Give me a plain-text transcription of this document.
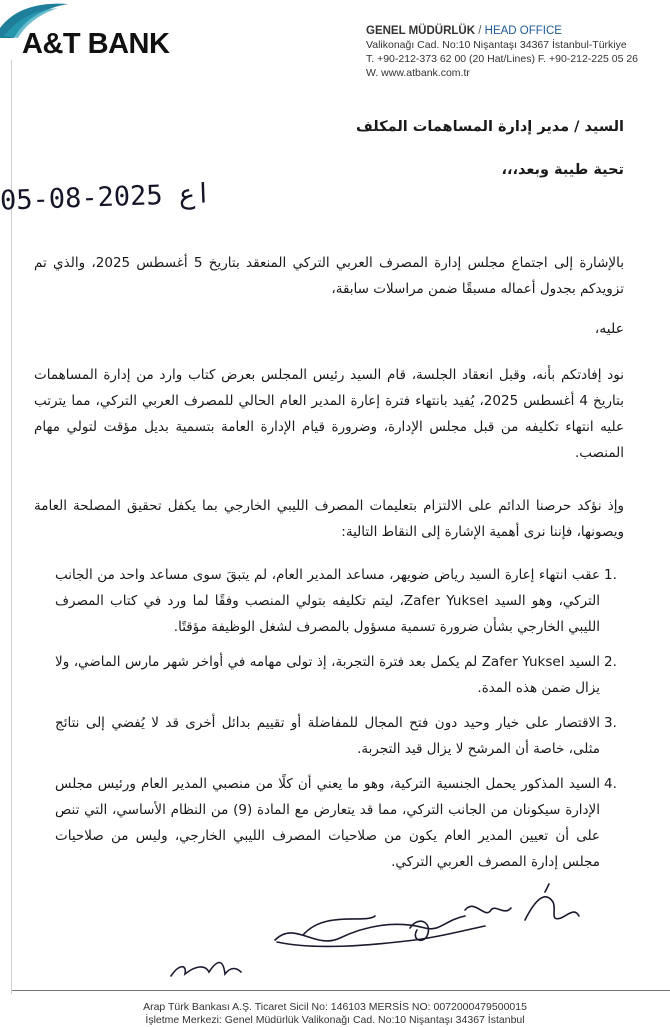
A&T BANK	GENEL MÜDÜRLÜK / HEAD OFFICE
Valikonağı Cad. No:10 Nişantaşı 34367 İstanbul-Türkiye
T. +90-212-373 62 00 (20 Hat/Lines) F. +90-212-225 05 26
W. www.atbank.com.tr
السيد / مدير إدارة المساهمات المكلف
تحية طيبة وبعد،،،
اع 2025-08-05
بالإشارة إلى اجتماع مجلس إدارة المصرف العربي التركي المنعقد بتاريخ 5 أغسطس 2025، والذي تم تزويدكم بجدول أعماله مسبقًا ضمن مراسلات سابقة،
عليه،
نود إفادتكم بأنه، وقبل انعقاد الجلسة، قام السيد رئيس المجلس بعرض كتاب وارد من إدارة المساهمات بتاريخ 4 أغسطس 2025، يُفيد بانتهاء فترة إعارة المدير العام الحالي للمصرف العربي التركي، مما يترتب عليه انتهاء تكليفه من قبل مجلس الإدارة، وضرورة قيام الإدارة العامة بتسمية بديل مؤقت لتولي مهام المنصب.
وإذ نؤكد حرصنا الدائم على الالتزام بتعليمات المصرف الليبي الخارجي بما يكفل تحقيق المصلحة العامة ويصونها، فإننا نرى أهمية الإشارة إلى النقاط التالية:
1.
عقب انتهاء إعارة السيد رياض ضويهر، مساعد المدير العام، لم يتبقَ سوى مساعد واحد من الجانب التركي، وهو السيد Zafer Yuksel، ليتم تكليفه بتولي المنصب وفقًا لما ورد في كتاب المصرف الليبي الخارجي بشأن ضرورة تسمية مسؤول بالمصرف لشغل الوظيفة مؤقتًا.
2.
السيد Zafer Yuksel لم يكمل بعد فترة التجربة، إذ تولى مهامه في أواخر شهر مارس الماضي، ولا يزال ضمن هذه المدة.
3.
الاقتصار على خيار وحيد دون فتح المجال للمفاضلة أو تقييم بدائل أخرى قد لا يُفضي إلى نتائج مثلى، خاصة أن المرشح لا يزال قيد التجربة.
4.
السيد المذكور يحمل الجنسية التركية، وهو ما يعني أن كلًا من منصبي المدير العام ورئيس مجلس الإدارة سيكونان من الجانب التركي، مما قد يتعارض مع المادة (9) من النظام الأساسي، التي تنص على أن تعيين المدير العام يكون من صلاحيات المصرف الليبي الخارجي، وليس من صلاحيات مجلس إدارة المصرف العربي التركي.
Arap Türk Bankası A.Ş. Ticaret Sicil No: 146103 MERSİS NO: 0072000479500015
İşletme Merkezi: Genel Müdürlük Valikonağı Cad. No:10 Nişantaşı 34367 İstanbul
